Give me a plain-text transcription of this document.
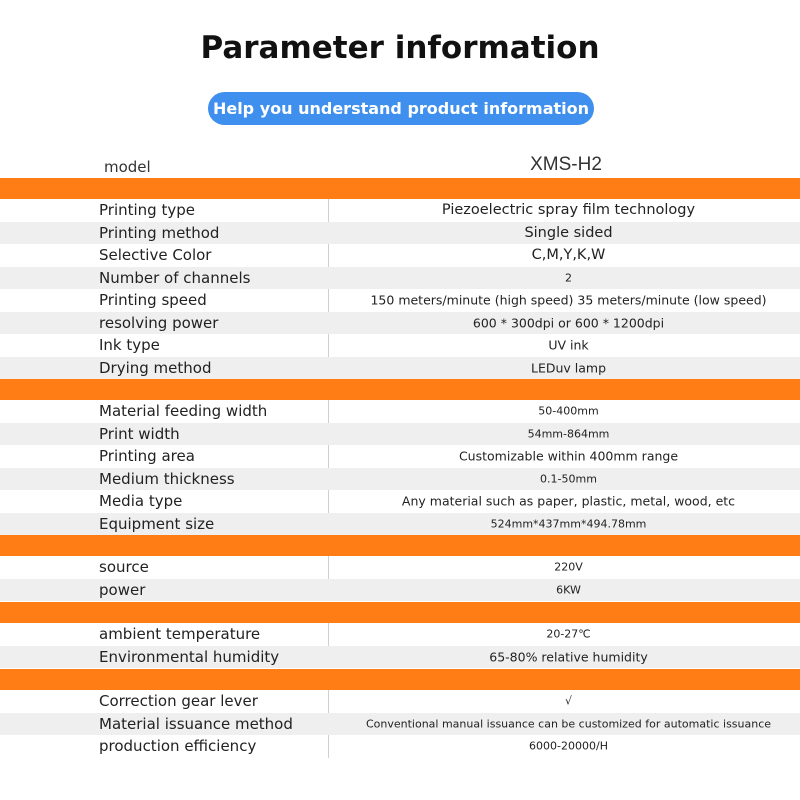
Parameter information
Help you understand product information
model	XMS-H2
Printing type	Piezoelectric spray film technology
Printing method	Single sided
Selective Color	C,M,Y,K,W
Number of channels	2
Printing speed	150 meters/minute (high speed) 35 meters/minute (low speed)
resolving power	600 * 300dpi or 600 * 1200dpi
Ink type	UV ink
Drying method	LEDuv lamp
Material feeding width	50-400mm
Print width	54mm-864mm
Printing area	Customizable within 400mm range
Medium thickness	0.1-50mm
Media type	Any material such as paper, plastic, metal, wood, etc
Equipment size	524mm*437mm*494.78mm
source	220V
power	6KW
ambient temperature	20-27℃
Environmental humidity	65-80% relative humidity
Correction gear lever	√
Material issuance method	Conventional manual issuance can be customized for automatic issuance
production efficiency	6000-20000/H
